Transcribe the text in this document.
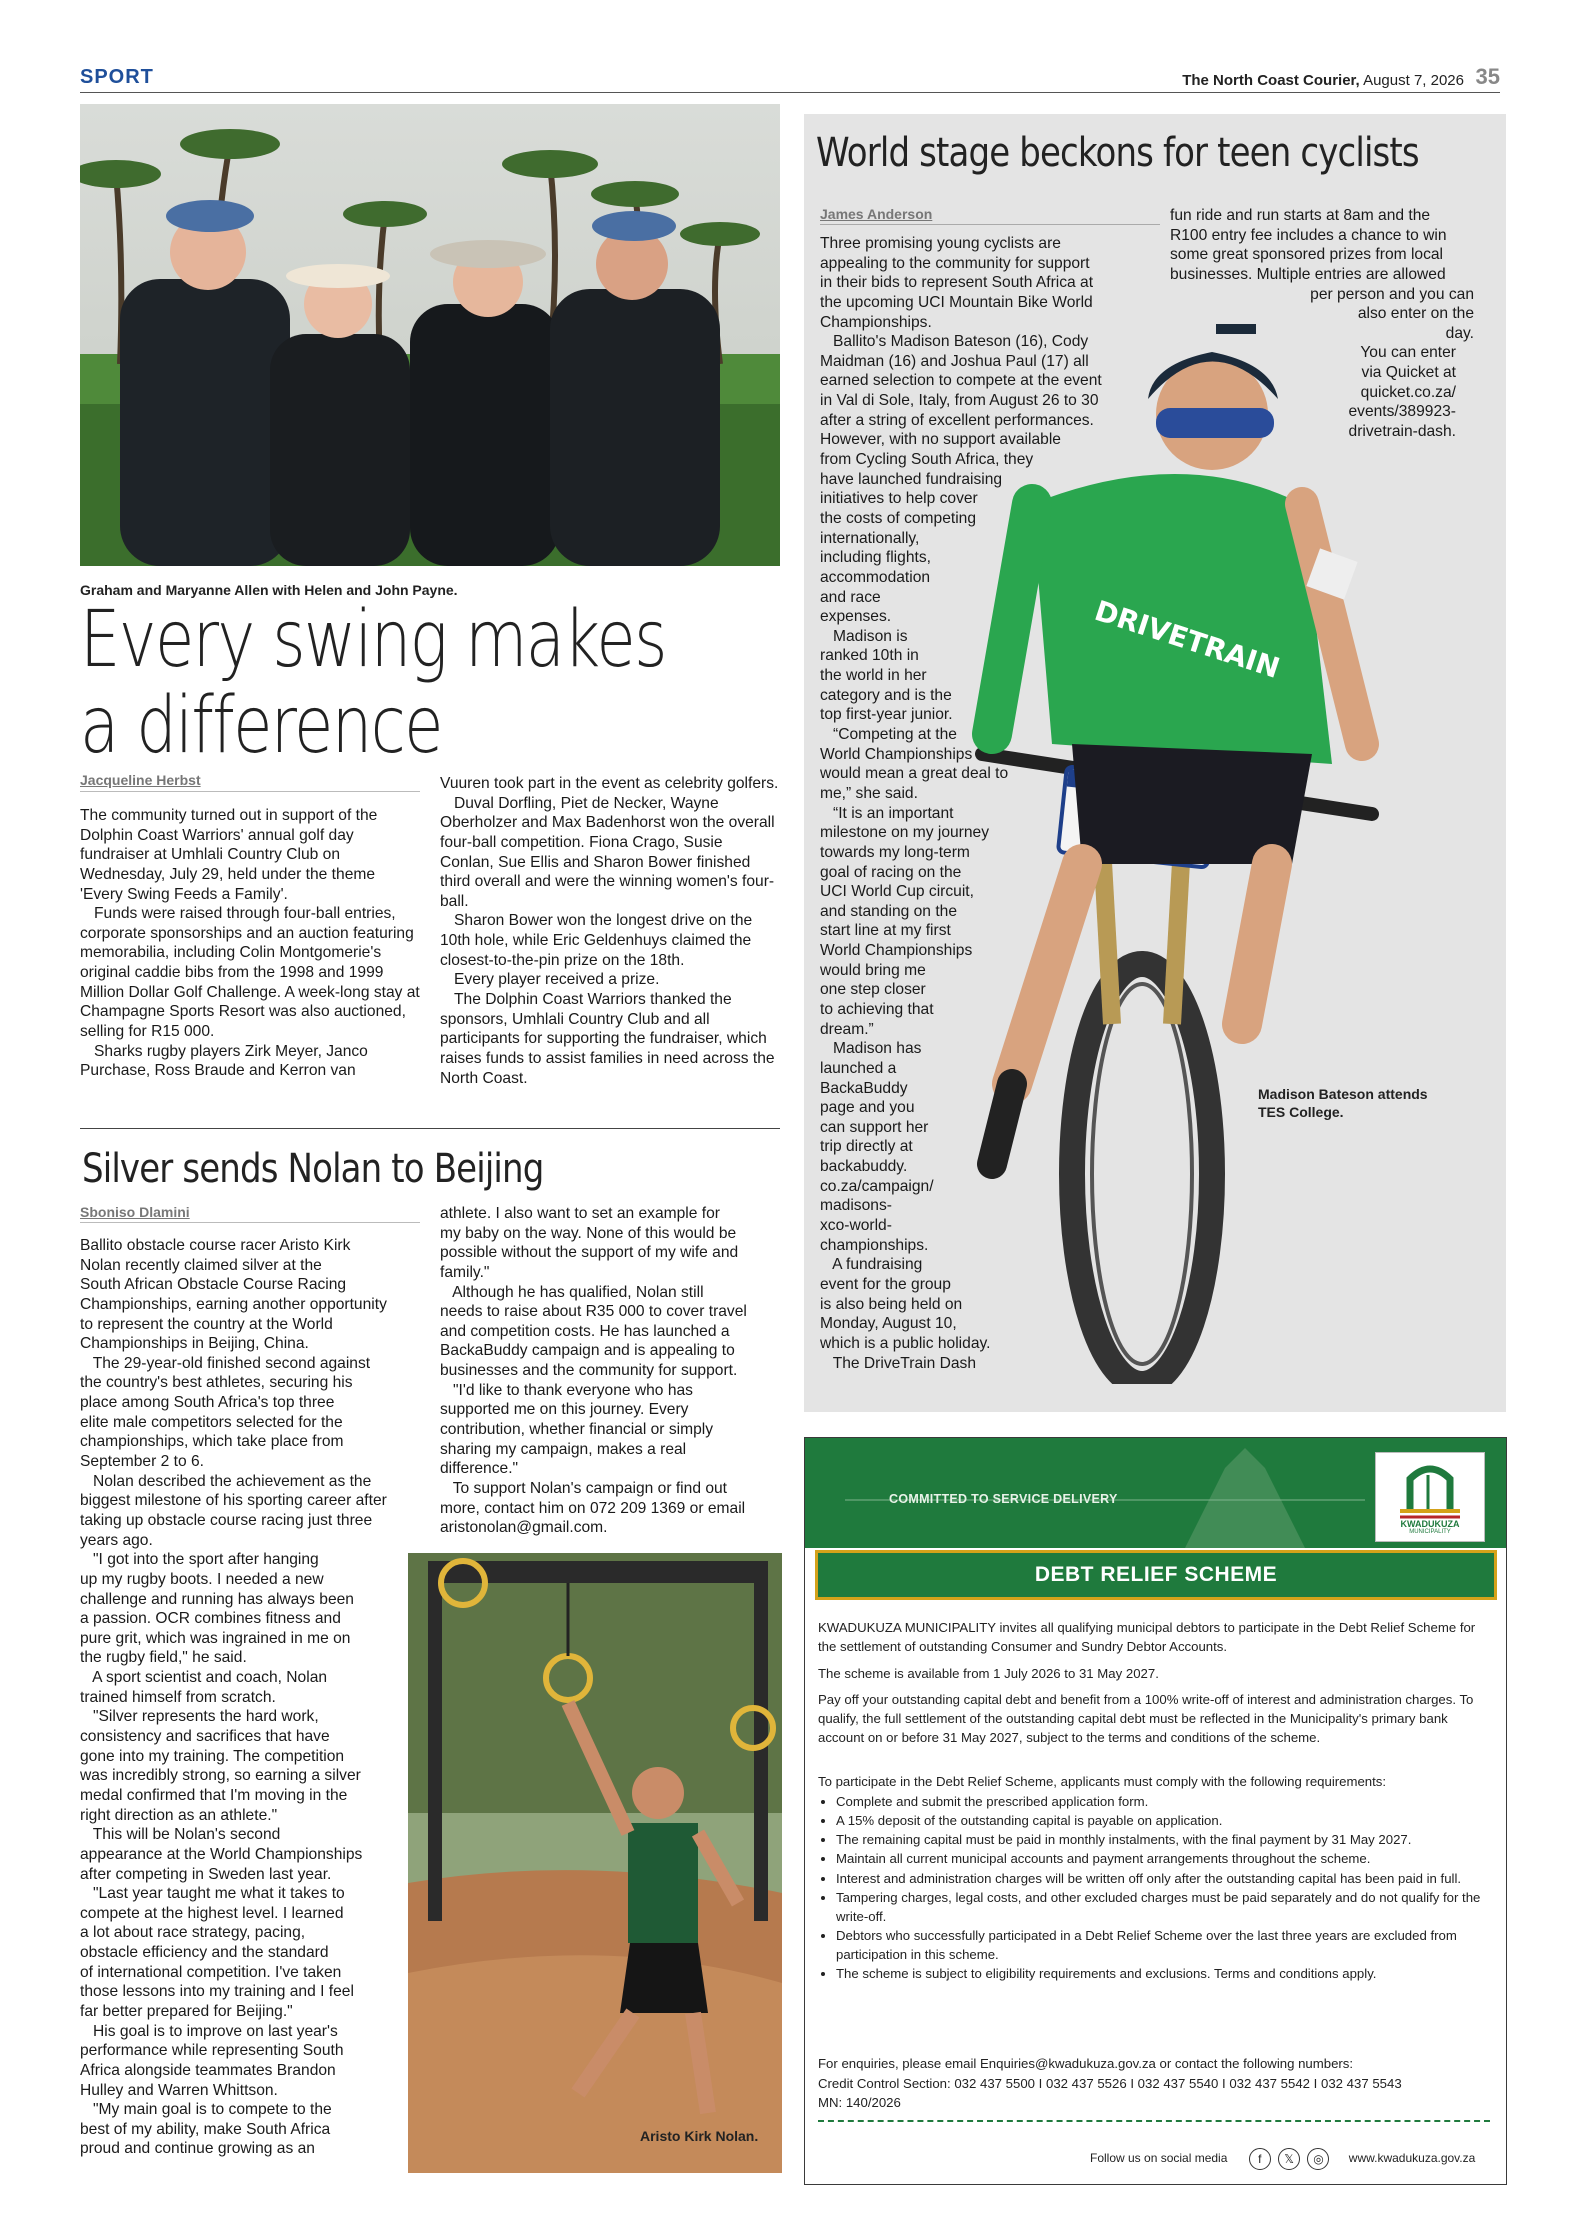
SPORT	The North Coast Courier, August 7, 2026 35
Graham and Maryanne Allen with Helen and John Payne.
Every swing makes
a difference
Jacqueline Herbst

The community turned out in support of the Dolphin Coast Warriors' annual golf day fundraiser at Umhlali Country Club on Wednesday, July 29, held under the theme 'Every Swing Feeds a Family'.

Funds were raised through four-ball entries, corporate sponsorships and an auction featuring memorabilia, including Colin Montgomerie's original caddie bibs from the 1998 and 1999 Million Dollar Golf Challenge. A week-long stay at Champagne Sports Resort was also auctioned, selling for R15 000.

Sharks rugby players Zirk Meyer, Janco Purchase, Ross Braude and Kerron van

Vuuren took part in the event as celebrity golfers.

Duval Dorfling, Piet de Necker, Wayne Oberholzer and Max Badenhorst won the overall four-ball competition. Fiona Crago, Susie Conlan, Sue Ellis and Sharon Bower finished third overall and were the winning women's four-ball.

Sharon Bower won the longest drive on the 10th hole, while Eric Geldenhuys claimed the closest-to-the-pin prize on the 18th.

Every player received a prize.

The Dolphin Coast Warriors thanked the sponsors, Umhlali Country Club and all participants for supporting the fundraiser, which raises funds to assist families in need across the North Coast.

Silver sends Nolan to Beijing
Sboniso Dlamini
Ballito obstacle course racer Aristo Kirk
Nolan recently claimed silver at the
South African Obstacle Course Racing
Championships, earning another opportunity
to represent the country at the World
Championships in Beijing, China.
The 29-year-old finished second against
the country's best athletes, securing his
place among South Africa's top three
elite male competitors selected for the
championships, which take place from
September 2 to 6.
Nolan described the achievement as the
biggest milestone of his sporting career after
taking up obstacle course racing just three
years ago.
"I got into the sport after hanging
up my rugby boots. I needed a new
challenge and running has always been
a passion. OCR combines fitness and
pure grit, which was ingrained in me on
the rugby field," he said.
A sport scientist and coach, Nolan
trained himself from scratch.
"Silver represents the hard work,
consistency and sacrifices that have
gone into my training. The competition
was incredibly strong, so earning a silver
medal confirmed that I'm moving in the
right direction as an athlete."
This will be Nolan's second
appearance at the World Championships
after competing in Sweden last year.
"Last year taught me what it takes to
compete at the highest level. I learned
a lot about race strategy, pacing,
obstacle efficiency and the standard
of international competition. I've taken
those lessons into my training and I feel
far better prepared for Beijing."
His goal is to improve on last year's
performance while representing South
Africa alongside teammates Brandon
Hulley and Warren Whittson.
"My main goal is to compete to the
best of my ability, make South Africa
proud and continue growing as an
athlete. I also want to set an example for
my baby on the way. None of this would be
possible without the support of my wife and
family."
Although he has qualified, Nolan still
needs to raise about R35 000 to cover travel
and competition costs. He has launched a
BackaBuddy campaign and is appealing to
businesses and the community for support.
"I'd like to thank everyone who has
supported me on this journey. Every
contribution, whether financial or simply
sharing my campaign, makes a real
difference."
To support Nolan's campaign or find out
more, contact him on 072 209 1369 or email
aristonolan@gmail.com.
Aristo Kirk Nolan.
World stage beckons for teen cyclists
James Anderson
DRIVETRAIN
Three promising young cyclists are
appealing to the community for support
in their bids to represent South Africa at
the upcoming UCI Mountain Bike World
Championships.
Ballito's Madison Bateson (16), Cody
Maidman (16) and Joshua Paul (17) all
earned selection to compete at the event
in Val di Sole, Italy, from August 26 to 30
after a string of excellent performances.
However, with no support available
from Cycling South Africa, they
have launched fundraising
initiatives to help cover
the costs of competing
internationally,
including flights,
accommodation
and race
expenses.
Madison is
ranked 10th in
the world in her
category and is the
top first-year junior.
“Competing at the
World Championships
would mean a great deal to
me,” she said.
“It is an important
milestone on my journey
towards my long-term
goal of racing on the
UCI World Cup circuit,
and standing on the
start line at my first
World Championships
would bring me
one step closer
to achieving that
dream.”
Madison has
launched a
BackaBuddy
page and you
can support her
trip directly at
backabuddy.
co.za/campaign/
madisons-
xco-world-
championships.
A fundraising
event for the group
is also being held on
Monday, August 10,
which is a public holiday.
The DriveTrain Dash
fun ride and run starts at 8am and the
R100 entry fee includes a chance to win
some great sponsored prizes from local
businesses. Multiple entries are allowed
per person and you can
also enter on the
day.
You can enter
via Quicket at
quicket.co.za/
events/389923-
drivetrain-dash.
Madison Bateson attends
TES College.
COMMITTED TO SERVICE DELIVERY
KWADUKUZA
MUNICIPALITY
DEBT RELIEF SCHEME
KWADUKUZA MUNICIPALITY invites all qualifying municipal debtors to participate in the Debt Relief Scheme for the settlement of outstanding Consumer and Sundry Debtor Accounts.
The scheme is available from 1 July 2026 to 31 May 2027.
Pay off your outstanding capital debt and benefit from a 100% write-off of interest and administration charges. To qualify, the full settlement of the outstanding capital debt must be reflected in the Municipality's primary bank account on or before 31 May 2027, subject to the terms and conditions of the scheme.
To participate in the Debt Relief Scheme, applicants must comply with the following requirements:
• Complete and submit the prescribed application form.
• A 15% deposit of the outstanding capital is payable on application.
• The remaining capital must be paid in monthly instalments, with the final payment by 31 May 2027.
• Maintain all current municipal accounts and payment arrangements throughout the scheme.
• Interest and administration charges will be written off only after the outstanding capital has been paid in full.
• Tampering charges, legal costs, and other excluded charges must be paid separately and do not qualify for the write-off.
• Debtors who successfully participated in a Debt Relief Scheme over the last three years are excluded from participation in this scheme.
• The scheme is subject to eligibility requirements and exclusions. Terms and conditions apply.
For enquiries, please email Enquiries@kwadukuza.gov.za or contact the following numbers:
Credit Control Section: 032 437 5500 I 032 437 5526 I 032 437 5540 I 032 437 5542 I 032 437 5543
MN: 140/2026
Follow us on social media	f 𝕏 ◎ www.kwadukuza.gov.za
